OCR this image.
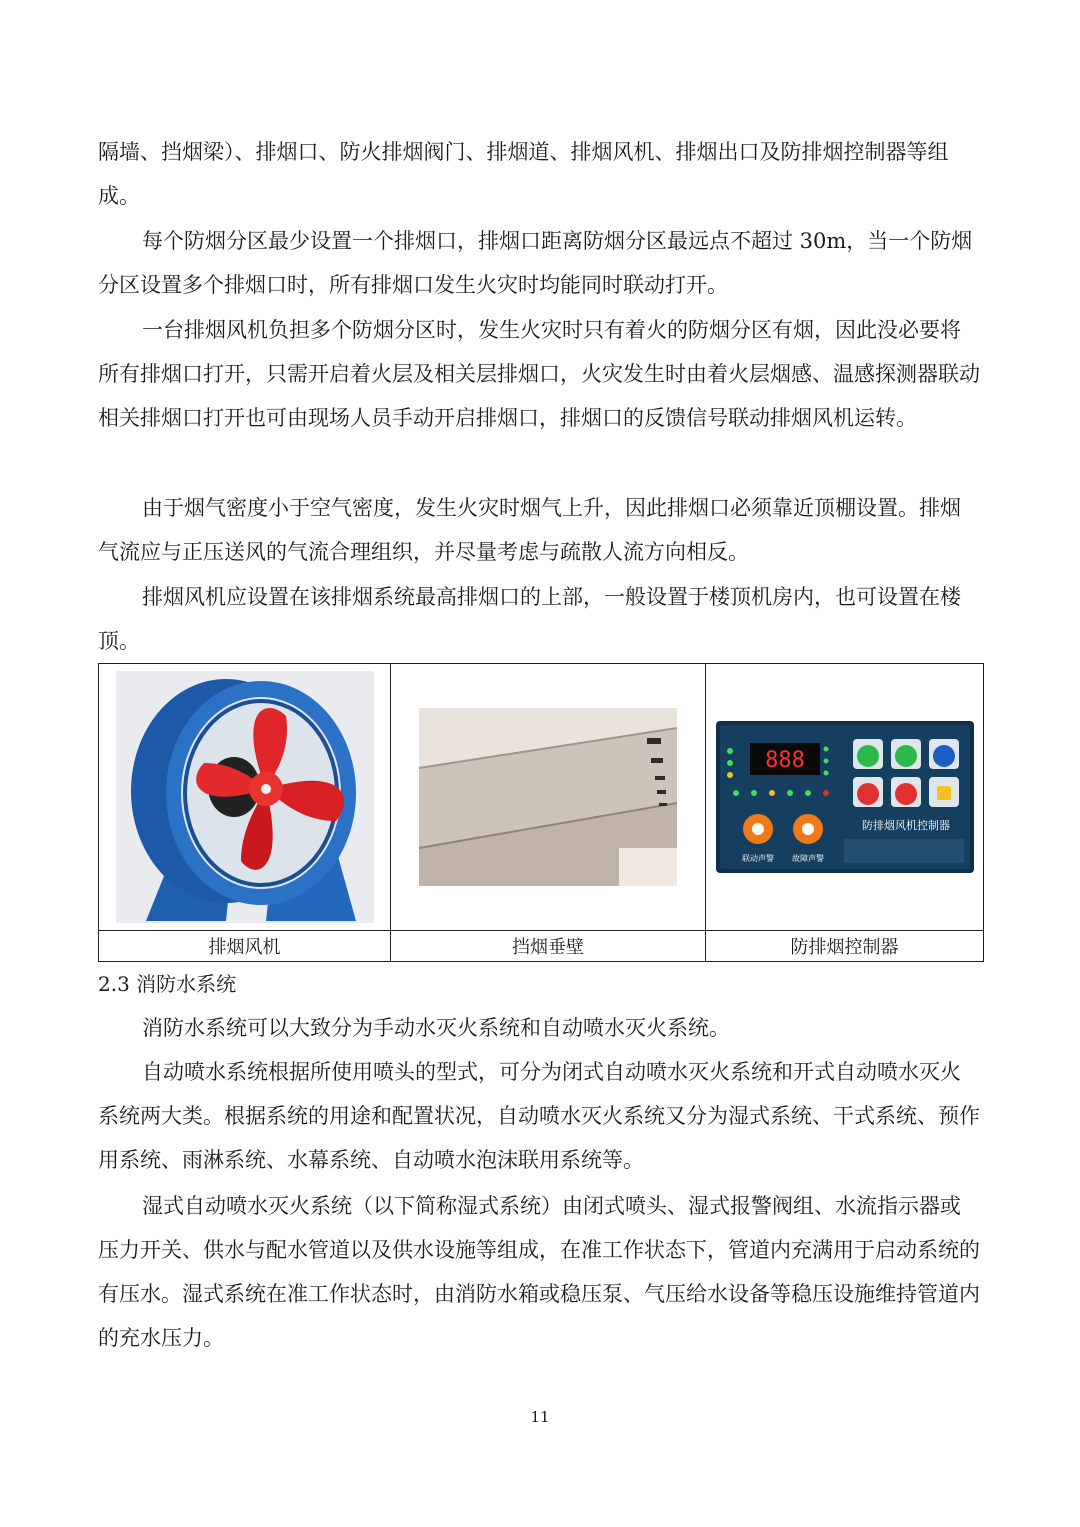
隔墙、挡烟梁）、排烟口、防火排烟阀门、排烟道、排烟风机、排烟出口及防排烟控制器等组成。

每个防烟分区最少设置一个排烟口，排烟口距离防烟分区最远点不超过 30m，当一个防烟分区设置多个排烟口时，所有排烟口发生火灾时均能同时联动打开。

一台排烟风机负担多个防烟分区时，发生火灾时只有着火的防烟分区有烟，因此没必要将所有排烟口打开，只需开启着火层及相关层排烟口，火灾发生时由着火层烟感、温感探测器联动相关排烟口打开也可由现场人员手动开启排烟口，排烟口的反馈信号联动排烟风机运转。

由于烟气密度小于空气密度，发生火灾时烟气上升，因此排烟口必须靠近顶棚设置。排烟气流应与正压送风的气流合理组织，并尽量考虑与疏散人流方向相反。

排烟风机应设置在该排烟系统最高排烟口的上部，一般设置于楼顶机房内，也可设置在楼顶。

888
联动声警 故障声警
防排烟风机控制器

排烟风机	挡烟垂壁	防排烟控制器

2.3 消防水系统

消防水系统可以大致分为手动水灭火系统和自动喷水灭火系统。

自动喷水系统根据所使用喷头的型式，可分为闭式自动喷水灭火系统和开式自动喷水灭火系统两大类。根据系统的用途和配置状况，自动喷水灭火系统又分为湿式系统、干式系统、预作用系统、雨淋系统、水幕系统、自动喷水泡沫联用系统等。

湿式自动喷水灭火系统（以下简称湿式系统）由闭式喷头、湿式报警阀组、水流指示器或压力开关、供水与配水管道以及供水设施等组成，在准工作状态下，管道内充满用于启动系统的有压水。湿式系统在准工作状态时，由消防水箱或稳压泵、气压给水设备等稳压设施维持管道内的充水压力。

11
